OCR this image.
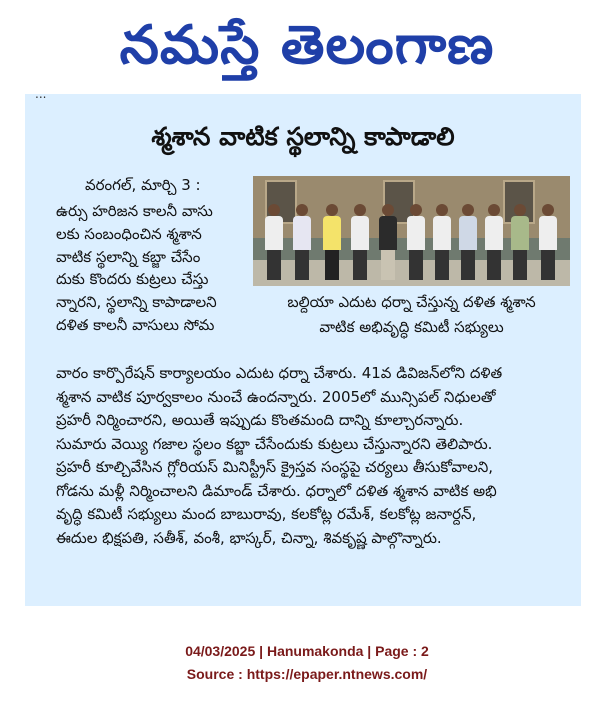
నమస్తే తెలంగాణ
...
శ్మశాన వాటిక స్థలాన్ని కాపాడాలి
వరంగల్, మార్చి 3 :
ఉర్సు హరిజన కాలనీ వాసు
లకు సంబంధించిన శ్మశాన
వాటిక స్థలాన్ని కబ్జా చేసేం
దుకు కొందరు కుట్రలు చేస్తు
న్నారని, స్థలాన్ని కాపాడాలని
దళిత కాలనీ వాసులు సోమ
బల్దియా ఎదుట ధర్నా చేస్తున్న దళిత శ్మశాన
వాటిక అభివృద్ధి కమిటీ సభ్యులు
వారం కార్పొరేషన్ కార్యాలయం ఎదుట ధర్నా చేశారు. 41వ డివిజన్‌లోని దళిత
శ్మశాన వాటిక పూర్వకాలం నుంచే ఉందన్నారు. 2005లో మున్సిపల్ నిధులతో
ప్రహరీ నిర్మించారని, అయితే ఇప్పుడు కొంతమంది దాన్ని కూల్చారన్నారు.
సుమారు వెయ్యి గజాల స్థలం కబ్జా చేసేందుకు కుట్రలు చేస్తున్నారని తెలిపారు.
ప్రహరీ కూల్చివేసిన గ్లోరియస్ మినిస్ట్రీస్ క్రైస్తవ సంస్థపై చర్యలు తీసుకోవాలని,
గోడను మళ్లీ నిర్మించాలని డిమాండ్ చేశారు. ధర్నాలో దళిత శ్మశాన వాటిక అభి
వృద్ధి కమిటీ సభ్యులు మంద బాబురావు, కలకోట్ల రమేశ్, కలకోట్ల జనార్దన్,
ఈదుల భిక్షపతి, సతీశ్, వంశీ, భాస్కర్, చిన్నా, శివకృష్ణ పాల్గొన్నారు.
04/03/2025 | Hanumakonda | Page : 2
Source : https://epaper.ntnews.com/
